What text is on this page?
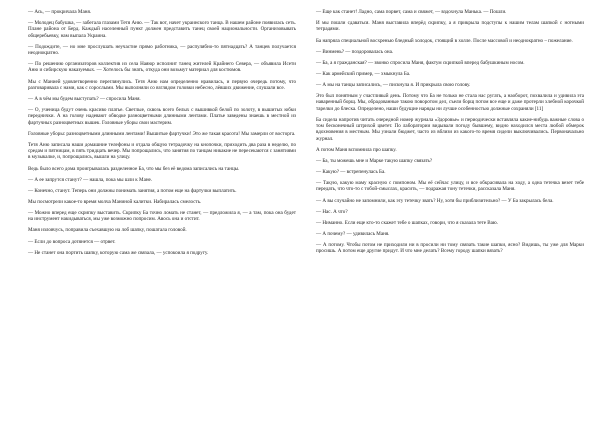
— Ась, — прокричала Маня.

— Молодец бабушка, — забегала глазами Тетя Аню. — Так вот, начет украинского танца. В нашем районе появилась сеть. Плане района от Берд. Каждый населенный пункт должен представить танец своей национальности. Организовывать общеребьевку, нам выпала Украина.

— Подождите, — но мне прослушать неучастие прямо работника, — распулябно-то пятнадцать? А танцев получается неоднократно.

— По решению организаторов коллектив из села Наяюр исполнит танец жителей Крайнего Севера, — объявила Исети Аню и сибирскую наказуемых. — Хотелось бы знать, откуда они возьмут материал для костюмов.

Мы с Манией удовлетворенно переглянулись. Тетя Аню нам определенно нравилась, и первую очередь потому, что разговаривала с нами, как с сорослыми. Мы выполняли со взглядом головки небесно, лёвших движение, слушали все.

— А в чём мы будем выступать? — спросила Маня.

— О, ученица будут очень красиво платье. Светлые, сквозь всего белых с вышивкой белой по золоту, в вышитых юбки переднички. А на голову надевают обводке разноцветными длинными лентами. Платье заведены знаешь в местной из фартучных разноцветных вышек. Головные уборы свои мастерим.

Головные уборы: разноцветными длинными лентами! Вышитые фартучки! Это же такая красота! Мы замерли от восторга.

Тетя Аню записала наши домашние телефоны и отдала общую тетрадочку на кнопочки, приходить два раза в неделю, по средам и пятницам, в пять тридцать вечер. Мы попрощались, что занятия по танцам никакие не пересекаются с занятиями в музыкалке, и, попрощались, вышли на улицу.

Ведь было всего дома проигрывалась разделенное Ба, что мы без её ведома записались на танцы.

— А ее запрутся станут? — нашла, пока мы шли к Мане.

— Конечно, станут. Теперь они должны понимать занятия, а потом еще на фартучки выплатить.

Мы посмотрели какое-то время молча Маниной калитки. Набиралась смелость.

— Можно вперед еще скрипку выставить. Скрипку Ба точно ломать не станет, — предложила я, — а там, пока она будет на инструмент накидываться, мы уже возможно попросим. Авось она и отстит.

Маня изловчусь, поправила съехавшую на лоб шапку, пошатала головой.

— Если до вопроса дотянется — отрвет.

— Не станет она портить шапку, которую сама же связала, — успокоила я подругу.

— Еще как станет! Ладно, сама порвет, сама и свяжет, — вздохнула Манька. — Пошли.

И мы пошли сдаваться. Маня выставила вперёд скрипку, а я прикрыла подступы к нашим телам шапкой с нотными тетрадями.

Ба напряла специальной восхренью бледный холодок, стоящий в холле. После массовой и неоднократно – пожелание.

— Винмень? — поздоровалась она.

— Ба, а я гражданская? — звонко спросила Маня, фактум скрипкой вперед бабушкиным носом.

— Как армейский пример, — хмыкнула Ба.

— А мы на танцы записались, — пискнула я. И прикрыла свою голову.

Это был понятным у счастливый день. Потому что Ба не только не стала нас ругать, а наоборот, похвалила и удивила эта наваренный борщ. Мы, обрадованные такою поворотом дел, съели борщ потом все еще и даже протерли хлебной корочкой тарелки до блеска. Определено, наши будущие наряды ни лучше особенностью должные сохраняли [11]

Ба сидела напротив читать очередной номер журнала «Здоровье» и периодически вставляла какие-нибудь важные слова о том бесконечный штрихой цветет. По лаборатории видывали погоду бывшему, видно находился места любой обмерок вдохновения в местным. Мы узнали бюджет, часто из вблизи из какого-то время сидели выключивались. Первоначально журнал.

А потом Маня вспомнила про шапку.

— Ба, ты можешь мне и Марке такую шапку связать?

— Какую? — встрепенулась Ба.

— Такую, какую маму красную с помпоном. Мы её сейчас улицу, и все обкрасивала на ходу, а одна тетечка везет тебе передать, что что-то с тобой-смыслах, красить, — подражая тону тетечки, рассказала Маня.

— А вы случайно не запомнили, как эту тетечку звать? Ну, хотя бы приблизительно? — У Ба закрылась бела.

— Нас. А что?

— Ниманно. Если еще кто-то скажет тебе о шапках, говори, что я сказала тете Ваю.

— А почему? — удивилась Маня.

— А потому. Чтобы потом не приходили ни в просили ни тому связать такие шапки, ясно? Видишь, ты уже для Марки просишь. А потом еще другие придут. И что мне делать? Всему городу шапки вязать?
